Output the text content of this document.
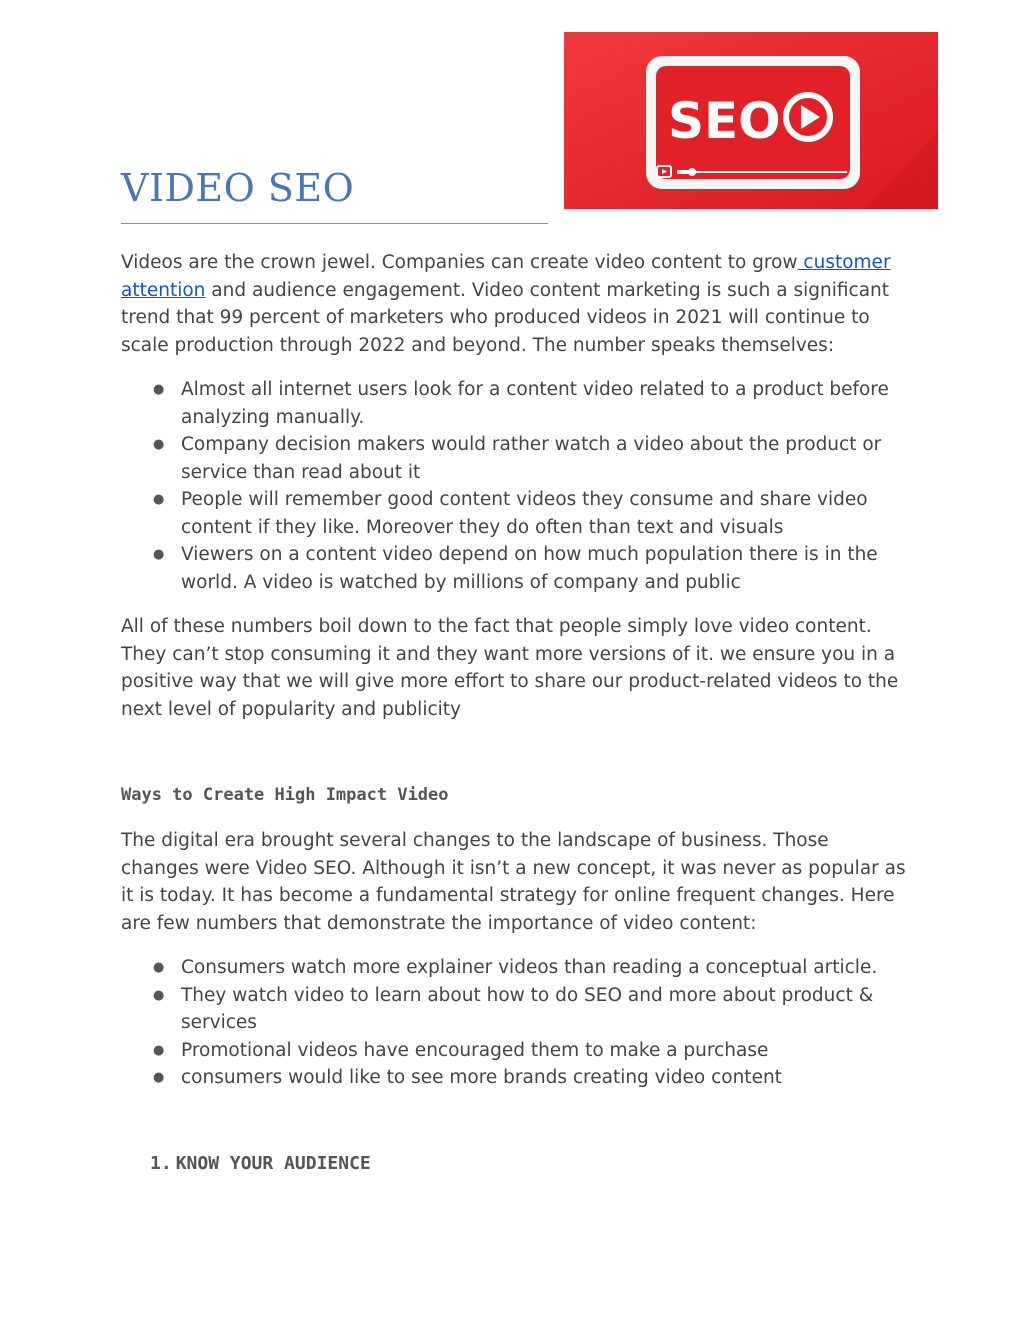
VIDEO SEO
SEO

Videos are the crown jewel. Companies can create video content to grow customer attention and audience engagement. Video content marketing is such a significant trend that 99 percent of marketers who produced videos in 2021 will continue to scale production through 2022 and beyond. The number speaks themselves:

● Almost all internet users look for a content video related to a product before analyzing manually.
● Company decision makers would rather watch a video about the product or service than read about it
● People will remember good content videos they consume and share video content if they like. Moreover they do often than text and visuals
● Viewers on a content video depend on how much population there is in the world. A video is watched by millions of company and public

All of these numbers boil down to the fact that people simply love video content. They can’t stop consuming it and they want more versions of it. we ensure you in a positive way that we will give more effort to share our product-related videos to the next level of popularity and publicity

Ways to Create High Impact Video

The digital era brought several changes to the landscape of business. Those changes were Video SEO. Although it isn’t a new concept, it was never as popular as it is today. It has become a fundamental strategy for online frequent changes. Here are few numbers that demonstrate the importance of video content:

● Consumers watch more explainer videos than reading a conceptual article.
● They watch video to learn about how to do SEO and more about product & services
● Promotional videos have encouraged them to make a purchase
● consumers would like to see more brands creating video content
1. KNOW YOUR AUDIENCE
